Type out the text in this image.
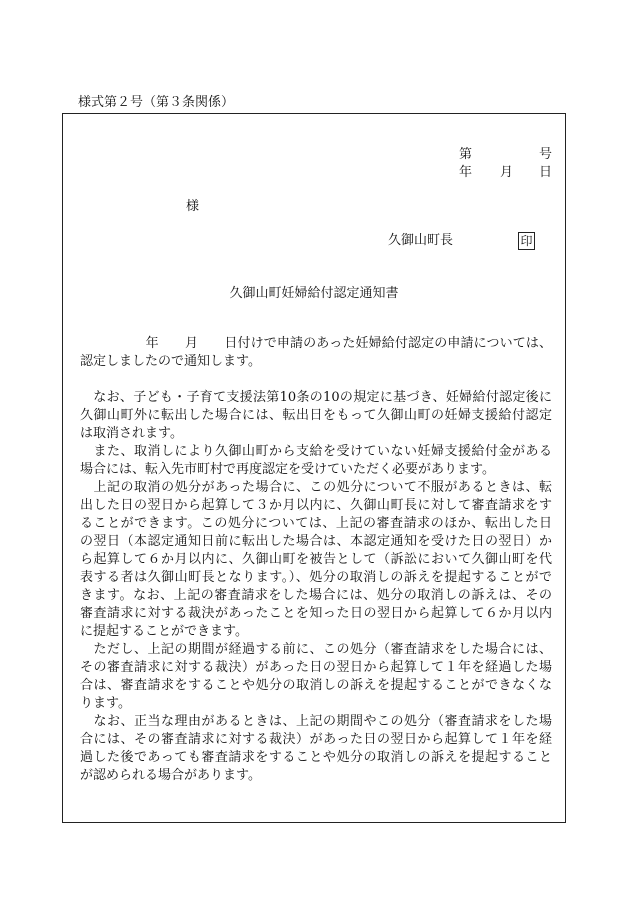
様式第２号（第３条関係）
第	号
年 月 日
様
久御山町長	印
久御山町妊婦給付認定通知書
　　　　　年　　月　　日付けで申請のあった妊婦給付認定の申請については、
認定しましたので通知します。
　なお、子ども・子育て支援法第10条の10の規定に基づき、妊婦給付認定後に
久御山町外に転出した場合には、転出日をもって久御山町の妊婦支援給付認定
は取消されます。
　また、取消しにより久御山町から支給を受けていない妊婦支援給付金がある
場合には、転入先市町村で再度認定を受けていただく必要があります。
　上記の取消の処分があった場合に、この処分について不服があるときは、転
出した日の翌日から起算して３か月以内に、久御山町長に対して審査請求をす
ることができます。この処分については、上記の審査請求のほか、転出した日
の翌日（本認定通知日前に転出した場合は、本認定通知を受けた日の翌日）か
ら起算して６か月以内に、久御山町を被告として（訴訟において久御山町を代
表する者は久御山町長となります。）、処分の取消しの訴えを提起することがで
きます。なお、上記の審査請求をした場合には、処分の取消しの訴えは、その
審査請求に対する裁決があったことを知った日の翌日から起算して６か月以内
に提起することができます。
　ただし、上記の期間が経過する前に、この処分（審査請求をした場合には、
その審査請求に対する裁決）があった日の翌日から起算して１年を経過した場
合は、審査請求をすることや処分の取消しの訴えを提起することができなくな
ります。
　なお、正当な理由があるときは、上記の期間やこの処分（審査請求をした場
合には、その審査請求に対する裁決）があった日の翌日から起算して１年を経
過した後であっても審査請求をすることや処分の取消しの訴えを提起すること
が認められる場合があります。
